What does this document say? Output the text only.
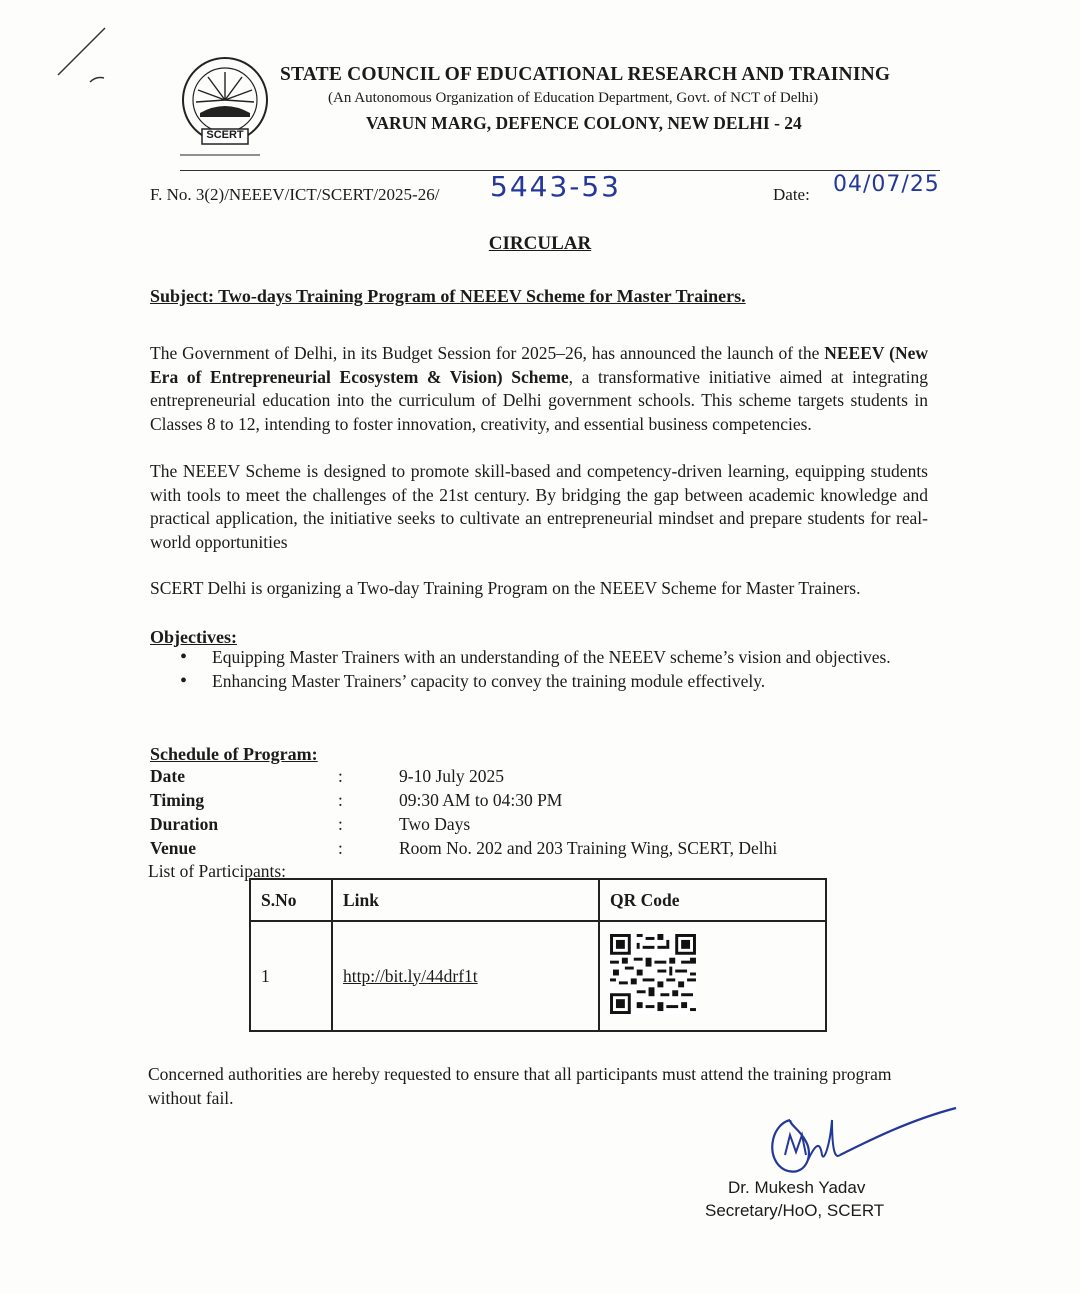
SCERT
STATE COUNCIL OF EDUCATIONAL RESEARCH AND TRAINING
(An Autonomous Organization of Education Department, Govt. of NCT of Delhi)
VARUN MARG, DEFENCE COLONY, NEW DELHI - 24
F. No. 3(2)/NEEEV/ICT/SCERT/2025-26/ 5443-53	Date: 04/07/25
CIRCULAR
Subject: Two-days Training Program of NEEEV Scheme for Master Trainers.
The Government of Delhi, in its Budget Session for 2025–26, has announced the launch of the NEEEV (New Era of Entrepreneurial Ecosystem & Vision) Scheme, a transformative initiative aimed at integrating entrepreneurial education into the curriculum of Delhi government schools. This scheme targets students in Classes 8 to 12, intending to foster innovation, creativity, and essential business competencies.
The NEEEV Scheme is designed to promote skill-based and competency-driven learning, equipping students with tools to meet the challenges of the 21st century. By bridging the gap between academic knowledge and practical application, the initiative seeks to cultivate an entrepreneurial mindset and prepare students for real-world opportunities
SCERT Delhi is organizing a Two-day Training Program on the NEEEV Scheme for Master Trainers.
Objectives:
• Equipping Master Trainers with an understanding of the NEEEV scheme’s vision and objectives.
• Enhancing Master Trainers’ capacity to convey the training module effectively.
Schedule of Program:
Date	:	9-10 July 2025
Timing	:	09:30 AM to 04:30 PM
Duration	:	Two Days
Venue	:	Room No. 202 and 203 Training Wing, SCERT, Delhi
List of Participants:
S.No	Link	QR Code
1	http://bit.ly/44drf1t	
Concerned authorities are hereby requested to ensure that all participants must attend the training program without fail.
Dr. Mukesh Yadav
Secretary/HoO, SCERT
